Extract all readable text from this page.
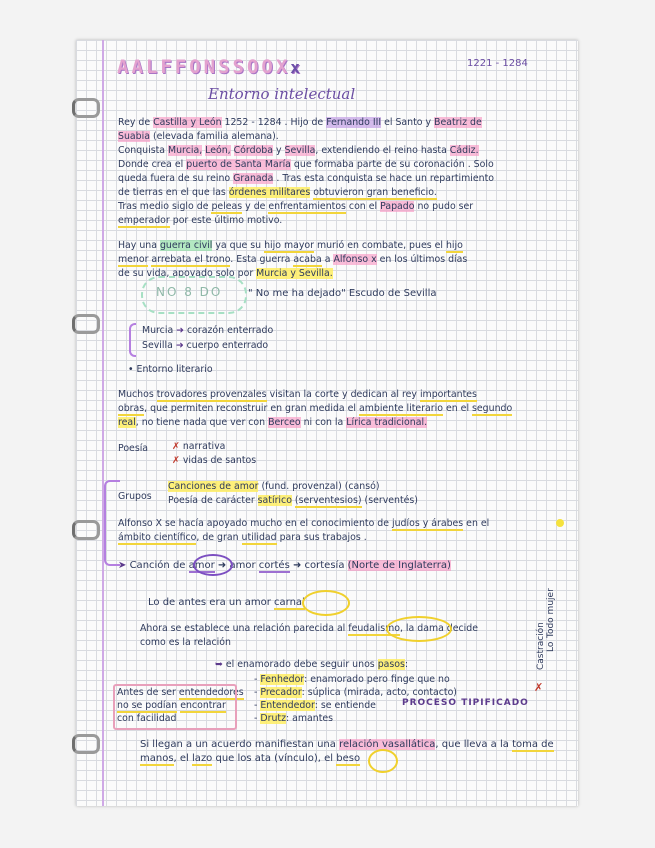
AALFFONSSOOXx	1221 - 1284
Entorno intelectual
Rey de Castilla y León 1252 - 1284 . Hijo de Fernando III el Santo y Beatriz de
Suabia (elevada familia alemana).
Conquista Murcia, León, Córdoba y Sevilla, extendiendo el reino hasta Cádiz.
Donde crea el puerto de Santa María que formaba parte de su coronación . Solo
queda fuera de su reino Granada . Tras esta conquista se hace un repartimiento
de tierras en el que las órdenes militares obtuvieron gran beneficio.
Tras medio siglo de peleas y de enfrentamientos con el Papado no pudo ser
emperador por este último motivo.
Hay una guerra civil ya que su hijo mayor murió en combate, pues el hijo
menor arrebata el trono. Esta guerra acaba a Alfonso x en los últimos días
de su vida, apoyado solo por Murcia y Sevilla.
NO 8 DO	" No me ha dejado" Escudo de Sevilla
Murcia ➜ corazón enterrado
Sevilla ➜ cuerpo enterrado
• Entorno literario
Muchos trovadores provenzales visitan la corte y dedican al rey importantes
obras, que permiten reconstruir en gran medida el ambiente literario en el segundo
real, no tiene nada que ver con Berceo ni con la Lírica tradicional.
Poesía	✗ narrativa
✗ vidas de santos
Grupos
Canciones de amor (fund. provenzal) (cansó)
Poesía de carácter satírico (serventesios) (serventés)
Alfonso X se hacía apoyado mucho en el conocimiento de judíos y árabes en el
ámbito científico, de gran utilidad para sus trabajos .
➤ Canción de amor ➜ amor cortés ➜ cortesía (Norte de Inglaterra)
Lo de antes era un amor carnal
Ahora se establece una relación parecida al feudalismo, la dama decide
como es la relación
➥ el enamorado debe seguir unos pasos:
- Fenhedor: enamorado pero finge que no
- Precador: súplica (mirada, acto, contacto)
- Entendedor: se entiende
- Drutz: amantes
PROCESO TIPIFICADO
Antes de ser entendedores
no se podían encontrar
con facilidad
Castración Lo
Todo mujer
✗
Si llegan a un acuerdo manifiestan una relación vasallática, que lleva a la toma de
manos, el lazo que los ata (vínculo), el beso
